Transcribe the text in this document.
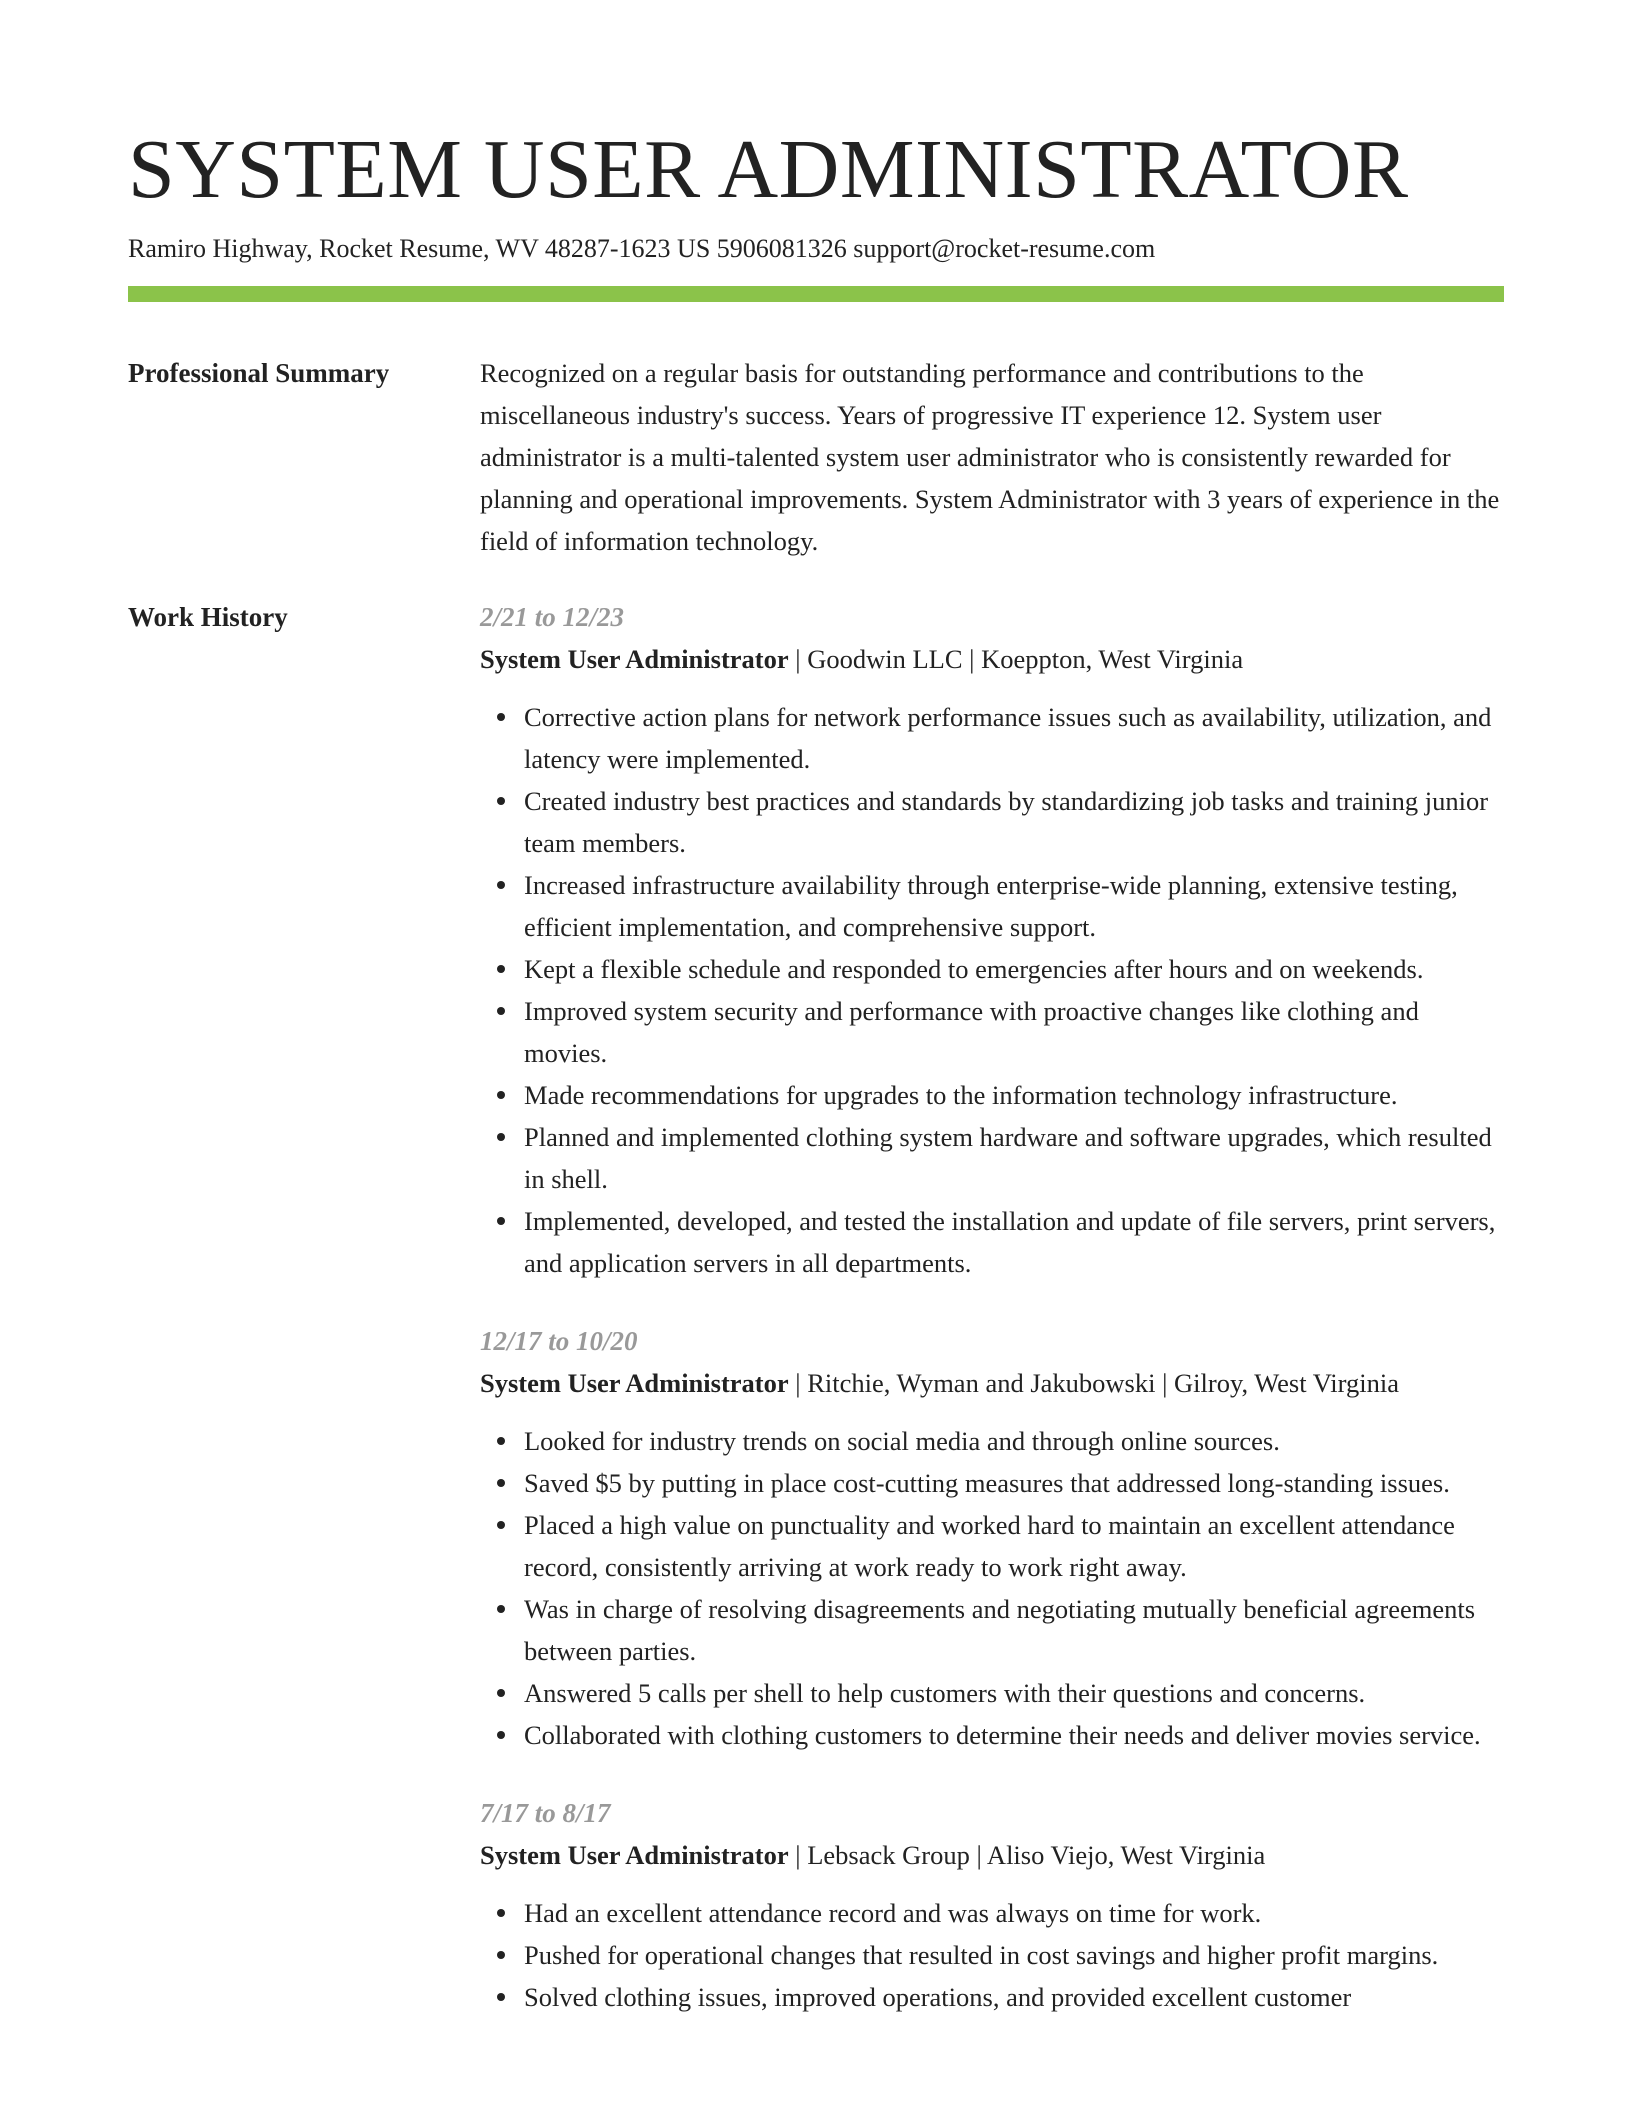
SYSTEM USER ADMINISTRATOR
Ramiro Highway, Rocket Resume, WV 48287-1623 US 5906081326 support@rocket-resume.com
Professional Summary	Recognized on a regular basis for outstanding performance and contributions to the miscellaneous industry's success. Years of progressive IT experience 12. System user administrator is a multi-talented system user administrator who is consistently rewarded for planning and operational improvements. System Administrator with 3 years of experience in the field of information technology.
Work History	2/21 to 12/23
System User Administrator | Goodwin LLC | Koeppton, West Virginia
Corrective action plans for network performance issues such as availability, utilization, and latency were implemented.
Created industry best practices and standards by standardizing job tasks and training junior team members.
Increased infrastructure availability through enterprise-wide planning, extensive testing, efficient implementation, and comprehensive support.
Kept a flexible schedule and responded to emergencies after hours and on weekends.
Improved system security and performance with proactive changes like clothing and movies.
Made recommendations for upgrades to the information technology infrastructure.
Planned and implemented clothing system hardware and software upgrades, which resulted in shell.
Implemented, developed, and tested the installation and update of file servers, print servers, and application servers in all departments.
12/17 to 10/20
System User Administrator | Ritchie, Wyman and Jakubowski | Gilroy, West Virginia
Looked for industry trends on social media and through online sources.
Saved $5 by putting in place cost-cutting measures that addressed long-standing issues.
Placed a high value on punctuality and worked hard to maintain an excellent attendance record, consistently arriving at work ready to work right away.
Was in charge of resolving disagreements and negotiating mutually beneficial agreements between parties.
Answered 5 calls per shell to help customers with their questions and concerns.
Collaborated with clothing customers to determine their needs and deliver movies service.
7/17 to 8/17
System User Administrator | Lebsack Group | Aliso Viejo, West Virginia
Had an excellent attendance record and was always on time for work.
Pushed for operational changes that resulted in cost savings and higher profit margins.
Solved clothing issues, improved operations, and provided excellent customer
